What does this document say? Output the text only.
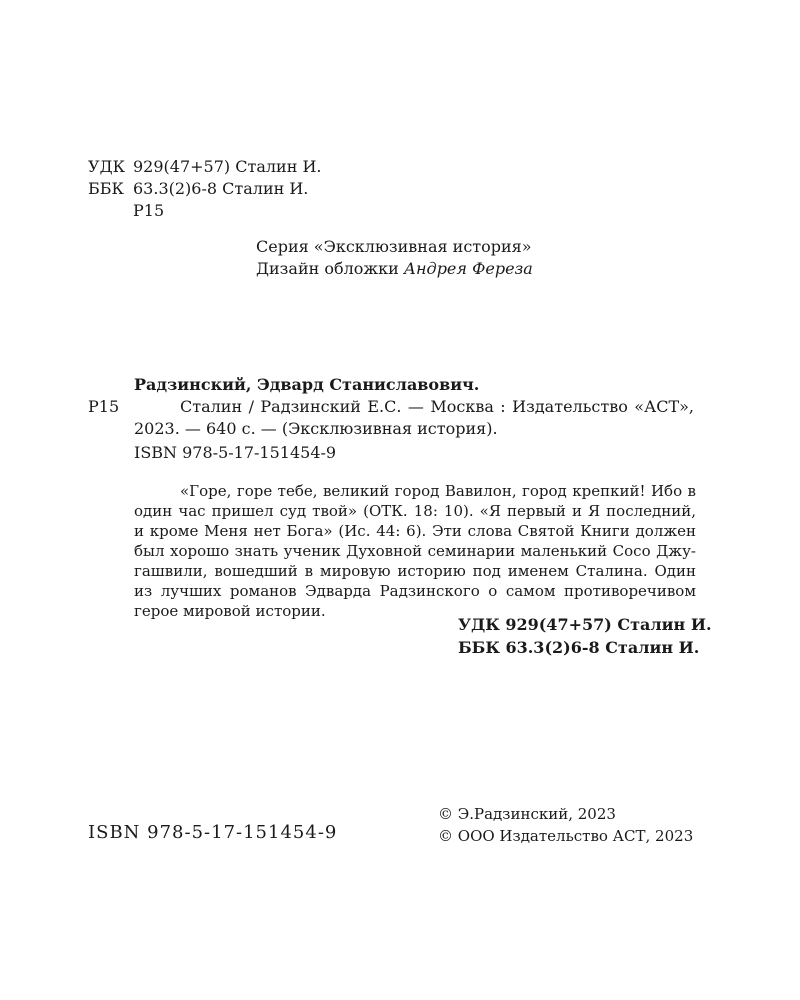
УДК 929(47+57) Сталин И.
ББК 63.3(2)6-8 Сталин И.
Р15
Серия «Эксклюзивная история»
Дизайн обложки Андрея Фереза
Радзинский, Эдвард Станиславович.
Р15	Сталин / Радзинский Е.С. — Москва : Издательство «АСТ»,
2023. — 640 с. — (Эксклюзивная история).
ISBN 978-5-17-151454-9
«Горе, горе тебе, великий город Вавилон, город крепкий! Ибо в
один час пришел суд твой» (ОТК. 18: 10). «Я первый и Я последний,
и кроме Меня нет Бога» (Ис. 44: 6). Эти слова Святой Книги должен
был хорошо знать ученик Духовной семинарии маленький Сосо Джу-
гашвили, вошедший в мировую историю под именем Сталина. Один
из лучших романов Эдварда Радзинского о самом противоречивом
герое мировой истории.
УДК 929(47+57) Сталин И.
ББК 63.3(2)6-8 Сталин И.
ISBN 978-5-17-151454-9
© Э.Радзинский, 2023
© ООО Издательство АСТ, 2023
